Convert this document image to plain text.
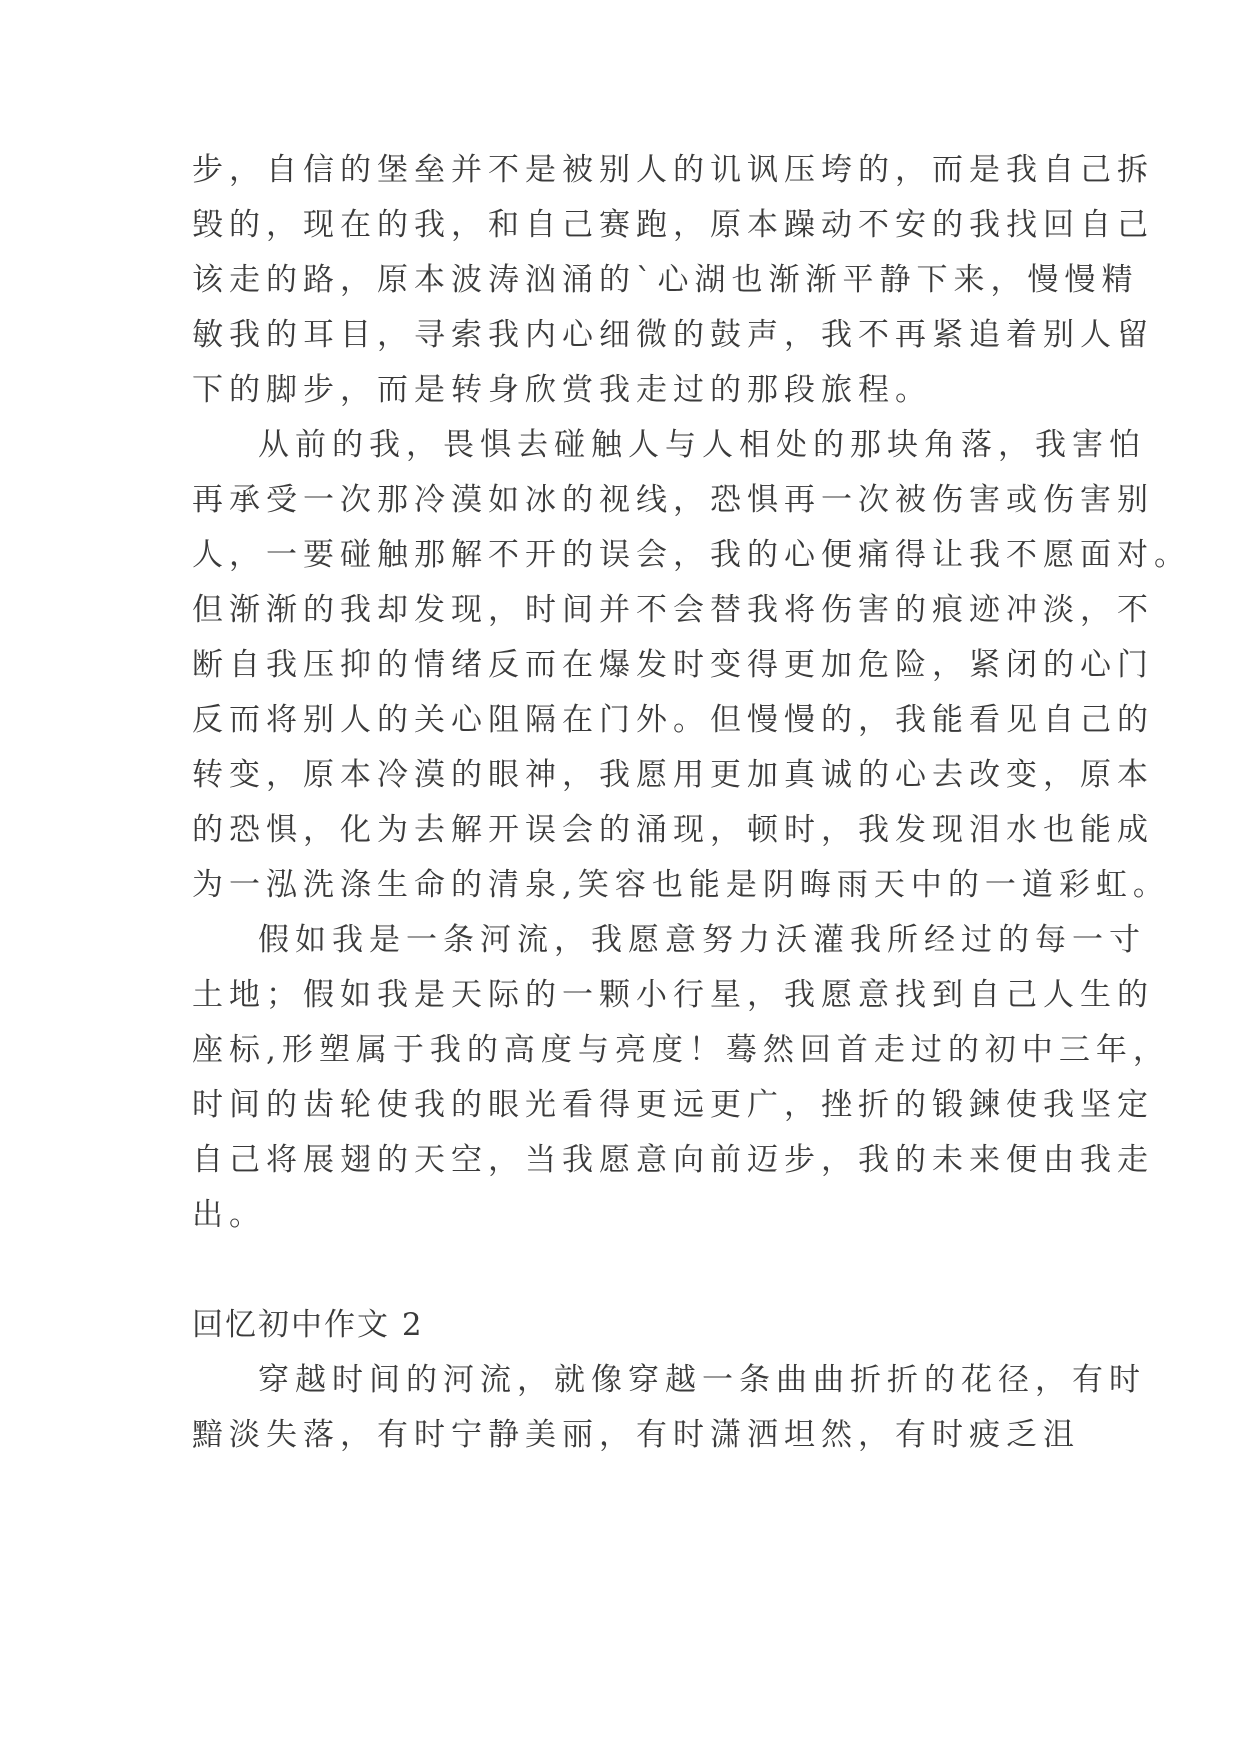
步，自信的堡垒并不是被别人的讥讽压垮的，而是我自己拆
毁的，现在的我，和自己赛跑，原本躁动不安的我找回自己
该走的路，原本波涛汹涌的`心湖也渐渐平静下来，慢慢精
敏我的耳目，寻索我内心细微的鼓声，我不再紧追着别人留
下的脚步，而是转身欣赏我走过的那段旅程。
从前的我，畏惧去碰触人与人相处的那块角落，我害怕
再承受一次那冷漠如冰的视线，恐惧再一次被伤害或伤害别
人，一要碰触那解不开的误会，我的心便痛得让我不愿面对。
但渐渐的我却发现，时间并不会替我将伤害的痕迹冲淡，不
断自我压抑的情绪反而在爆发时变得更加危险，紧闭的心门
反而将别人的关心阻隔在门外。但慢慢的，我能看见自己的
转变，原本冷漠的眼神，我愿用更加真诚的心去改变，原本
的恐惧，化为去解开误会的涌现，顿时，我发现泪水也能成
为一泓洗涤生命的清泉,笑容也能是阴晦雨天中的一道彩虹。
假如我是一条河流，我愿意努力沃灌我所经过的每一寸
土地；假如我是天际的一颗小行星，我愿意找到自己人生的
座标,形塑属于我的高度与亮度！蓦然回首走过的初中三年，
时间的齿轮使我的眼光看得更远更广，挫折的锻鍊使我坚定
自己将展翅的天空，当我愿意向前迈步，我的未来便由我走
出。
回忆初中作文 2
穿越时间的河流，就像穿越一条曲曲折折的花径，有时
黯淡失落，有时宁静美丽，有时潇洒坦然，有时疲乏沮
